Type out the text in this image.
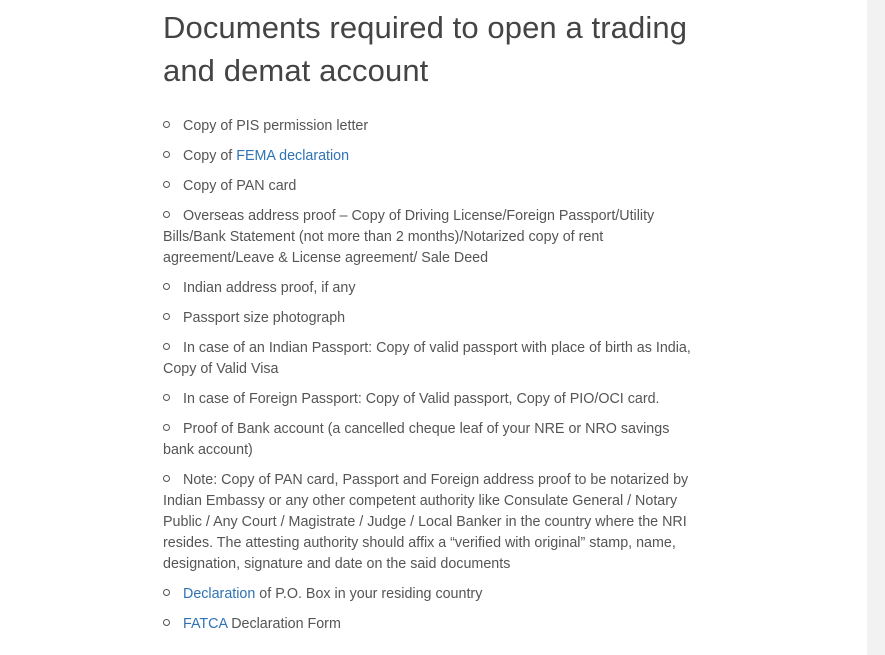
Documents required to open a trading and demat account
Copy of PIS permission letter
Copy of FEMA declaration
Copy of PAN card
Overseas address proof – Copy of Driving License/Foreign Passport/Utility Bills/Bank Statement (not more than 2 months)/Notarized copy of rent agreement/Leave & License agreement/ Sale Deed
Indian address proof, if any
Passport size photograph
In case of an Indian Passport: Copy of valid passport with place of birth as India, Copy of Valid Visa
In case of Foreign Passport: Copy of Valid passport, Copy of PIO/OCI card.
Proof of Bank account (a cancelled cheque leaf of your NRE or NRO savings bank account)
Note: Copy of PAN card, Passport and Foreign address proof to be notarized by Indian Embassy or any other competent authority like Consulate General / Notary Public / Any Court / Magistrate / Judge / Local Banker in the country where the NRI resides. The attesting authority should affix a “verified with original” stamp, name, designation, signature and date on the said documents
Declaration of P.O. Box in your residing country
FATCA Declaration Form
